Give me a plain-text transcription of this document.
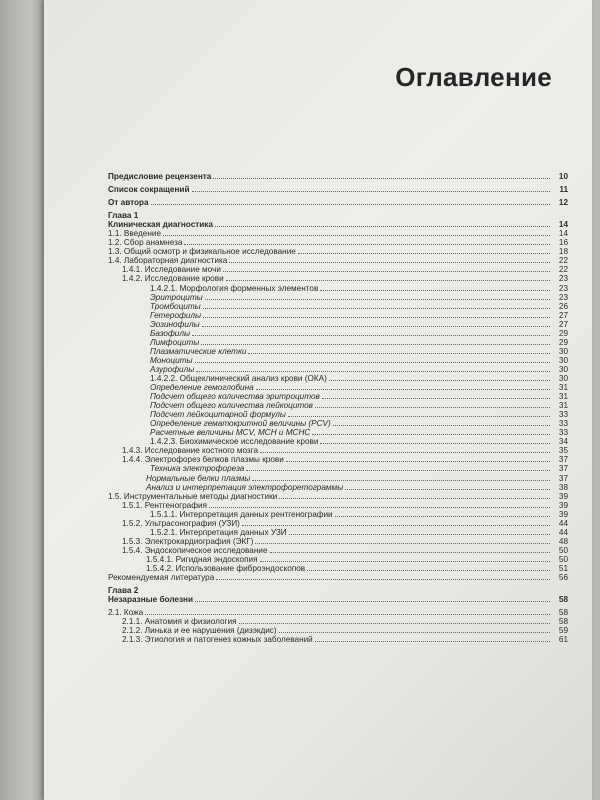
Оглавление
Предисловие рецензента	10
Список сокращений	11
От автора	12
Глава 1
Клиническая диагностика	14
1.1. Введение	14
1.2. Сбор анамнеза	16
1.3. Общий осмотр и физикальное исследование	18
1.4. Лабораторная диагностика	22
1.4.1. Исследование мочи	22
1.4.2. Исследование крови	23
1.4.2.1. Морфология форменных элементов	23
Эритроциты	23
Тромбоциты	26
Гетерофилы	27
Эозинофилы	27
Базофилы	29
Лимфоциты	29
Плазматические клетки	30
Моноциты	30
Азурофилы	30
1.4.2.2. Общеклинический анализ крови (ОКА)	30
Определение гемоглобина	31
Подсчет общего количества эритроцитов	31
Подсчет общего количества лейкоцитов	31
Подсчет лейкоцитарной формулы	33
Определение гематокритной величины (PCV)	33
Расчетные величины MCV, MCH и MCHC	33
1.4.2.3. Биохимическое исследование крови	34
1.4.3. Исследование костного мозга	35
1.4.4. Электрофорез белков плазмы крови	37
Техника электрофореза	37
Нормальные белки плазмы	37
Анализ и интерпретация электрофоретограммы	38
1.5. Инструментальные методы диагностики	39
1.5.1. Рентгенография	39
1.5.1.1. Интерпретация данных рентгенографии	39
1.5.2. Ультрасонография (УЗИ)	44
1.5.2.1. Интерпретация данных УЗИ	44
1.5.3. Электрокардиография (ЭКГ)	48
1.5.4. Эндоскопическое исследование	50
1.5.4.1. Ригидная эндоскопия	50
1.5.4.2. Использование фиброэндоскопов	51
Рекомендуемая литература	56
Глава 2
Незаразные болезни	58
2.1. Кожа	58
2.1.1. Анатомия и физиология	58
2.1.2. Линька и ее нарушения (дизэкдис)	59
2.1.3. Этиология и патогенез кожных заболеваний	61
